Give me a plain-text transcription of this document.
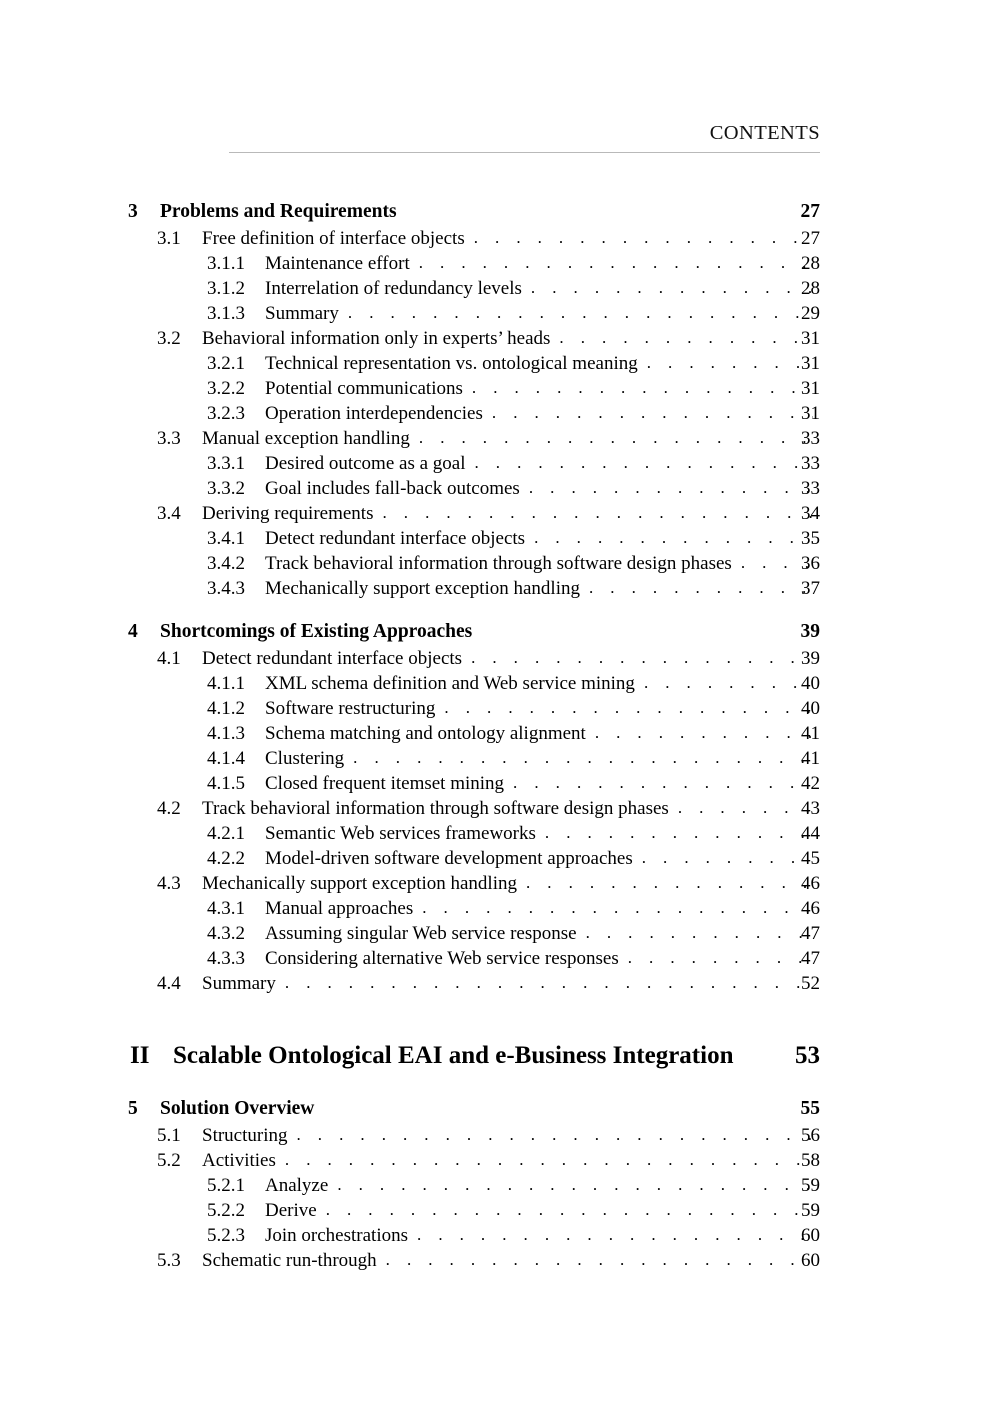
CONTENTS
3	Problems and Requirements	27
3.1	Free definition of interface objects . . .	27
3.1.1	Maintenance effort . . .	28
3.1.2	Interrelation of redundancy levels . . .	28
3.1.3	Summary . . .	29
3.2	Behavioral information only in experts’ heads . . .	31
3.2.1	Technical representation vs. ontological meaning . . .	31
3.2.2	Potential communications . . .	31
3.2.3	Operation interdependencies . . .	31
3.3	Manual exception handling . . .	33
3.3.1	Desired outcome as a goal . . .	33
3.3.2	Goal includes fall-back outcomes . . .	33
3.4	Deriving requirements . . .	34
3.4.1	Detect redundant interface objects . . .	35
3.4.2	Track behavioral information through software design phases . . .	36
3.4.3	Mechanically support exception handling . . .	37
4	Shortcomings of Existing Approaches	39
4.1	Detect redundant interface objects . . .	39
4.1.1	XML schema definition and Web service mining . . .	40
4.1.2	Software restructuring . . .	40
4.1.3	Schema matching and ontology alignment . . .	41
4.1.4	Clustering . . .	41
4.1.5	Closed frequent itemset mining . . .	42
4.2	Track behavioral information through software design phases . . .	43
4.2.1	Semantic Web services frameworks . . .	44
4.2.2	Model-driven software development approaches . . .	45
4.3	Mechanically support exception handling . . .	46
4.3.1	Manual approaches . . .	46
4.3.2	Assuming singular Web service response . . .	47
4.3.3	Considering alternative Web service responses . . .	47
4.4	Summary . . .	52
II Scalable Ontological EAI and e-Business Integration	53
5	Solution Overview	55
5.1	Structuring . . .	56
5.2	Activities . . .	58
5.2.1	Analyze . . .	59
5.2.2	Derive . . .	59
5.2.3	Join orchestrations . . .	60
5.3	Schematic run-through . . .	60
